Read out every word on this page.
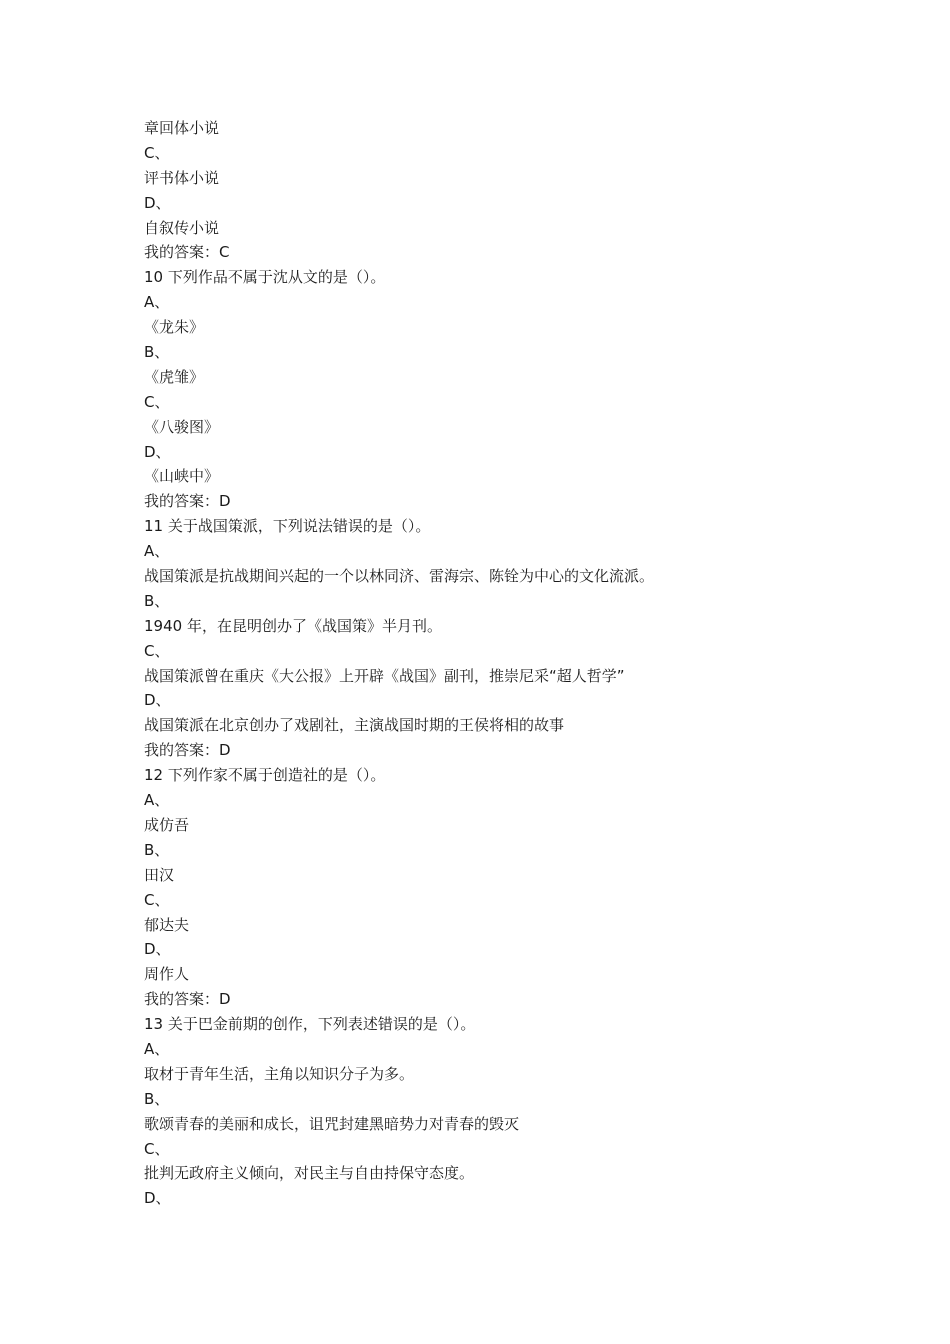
章回体小说
C、
评书体小说
D、
自叙传小说
我的答案：C
10 下列作品不属于沈从文的是（）。
A、
《龙朱》
B、
《虎雏》
C、
《八骏图》
D、
《山峡中》
我的答案：D
11 关于战国策派，下列说法错误的是（）。
A、
战国策派是抗战期间兴起的一个以林同济、雷海宗、陈铨为中心的文化流派。
B、
1940 年，在昆明创办了《战国策》半月刊。
C、
战国策派曾在重庆《大公报》上开辟《战国》副刊，推崇尼采“超人哲学”
D、
战国策派在北京创办了戏剧社，主演战国时期的王侯将相的故事
我的答案：D
12 下列作家不属于创造社的是（）。
A、
成仿吾
B、
田汉
C、
郁达夫
D、
周作人
我的答案：D
13 关于巴金前期的创作，下列表述错误的是（）。
A、
取材于青年生活，主角以知识分子为多。
B、
歌颂青春的美丽和成长，诅咒封建黑暗势力对青春的毁灭
C、
批判无政府主义倾向，对民主与自由持保守态度。
D、
